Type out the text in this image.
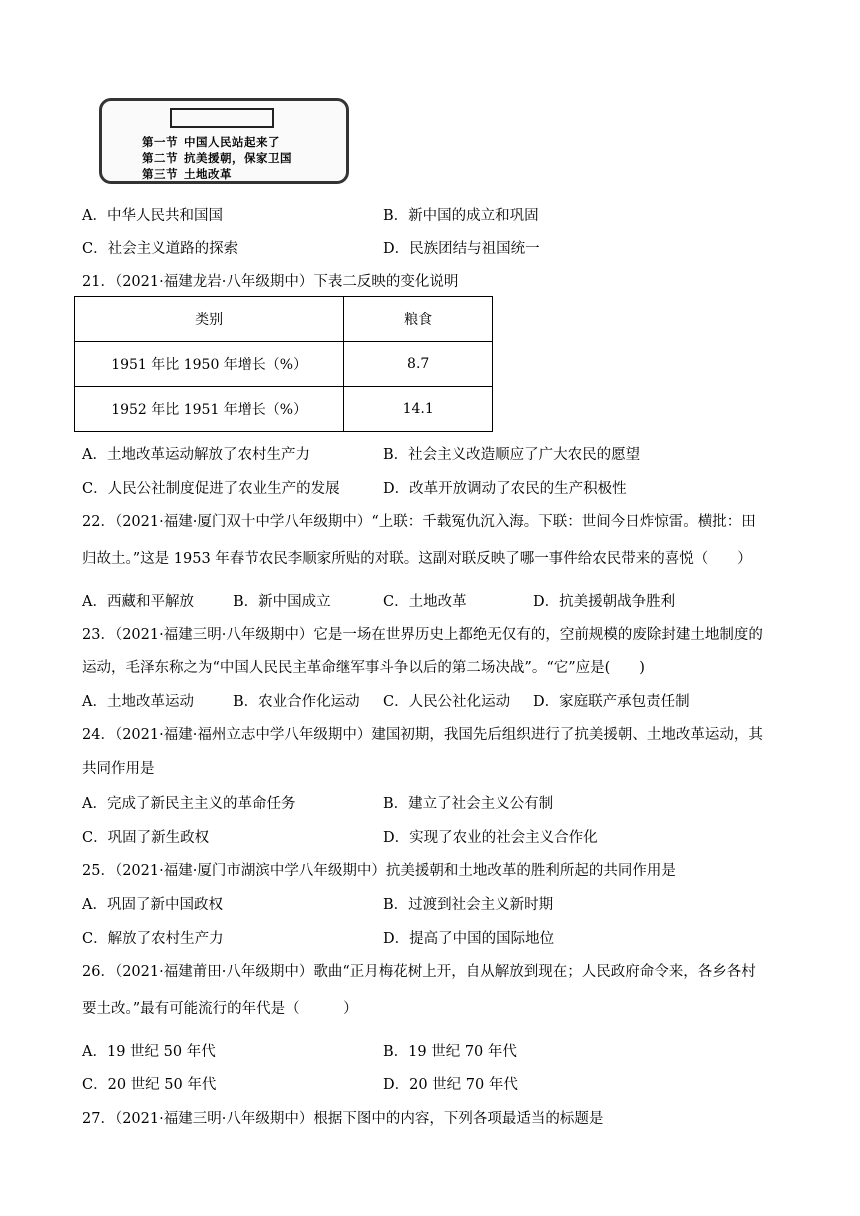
第一节 中国人民站起来了
第二节 抗美援朝，保家卫国
第三节 土地改革
A．中华人民共和国国	B．新中国的成立和巩固
C．社会主义道路的探索	D．民族团结与祖国统一
21．（2021·福建龙岩·八年级期中）下表二反映的变化说明
类别	粮食
1951 年比 1950 年增长（%）	8.7
1952 年比 1951 年增长（%）	14.1
A．土地改革运动解放了农村生产力	B．社会主义改造顺应了广大农民的愿望
C．人民公社制度促进了农业生产的发展	D．改革开放调动了农民的生产积极性
22．（2021·福建·厦门双十中学八年级期中）“上联：千载冤仇沉入海。下联：世间今日炸惊雷。横批：田
归故土。”这是 1953 年春节农民李顺家所贴的对联。这副对联反映了哪一事件给农民带来的喜悦（　　）
A．西藏和平解放	B．新中国成立	C．土地改革	D．抗美援朝战争胜利
23．（2021·福建三明·八年级期中）它是一场在世界历史上都绝无仅有的，空前规模的废除封建土地制度的
运动，毛泽东称之为“中国人民民主革命继军事斗争以后的第二场决战”。“它”应是(　　)
A．土地改革运动	B．农业合作化运动 C．人民公社化运动 D．家庭联产承包责任制
24．（2021·福建·福州立志中学八年级期中）建国初期，我国先后组织进行了抗美援朝、土地改革运动，其
共同作用是
A．完成了新民主主义的革命任务	B．建立了社会主义公有制
C．巩固了新生政权	D．实现了农业的社会主义合作化
25．（2021·福建·厦门市湖滨中学八年级期中）抗美援朝和土地改革的胜利所起的共同作用是
A．巩固了新中国政权	B．过渡到社会主义新时期
C．解放了农村生产力	D．提高了中国的国际地位
26．（2021·福建莆田·八年级期中）歌曲“正月梅花树上开，自从解放到现在；人民政府命令来，各乡各村
要土改。”最有可能流行的年代是（　　　）
A．19 世纪 50 年代	B．19 世纪 70 年代
C．20 世纪 50 年代	D．20 世纪 70 年代
27．（2021·福建三明·八年级期中）根据下图中的内容，下列各项最适当的标题是
